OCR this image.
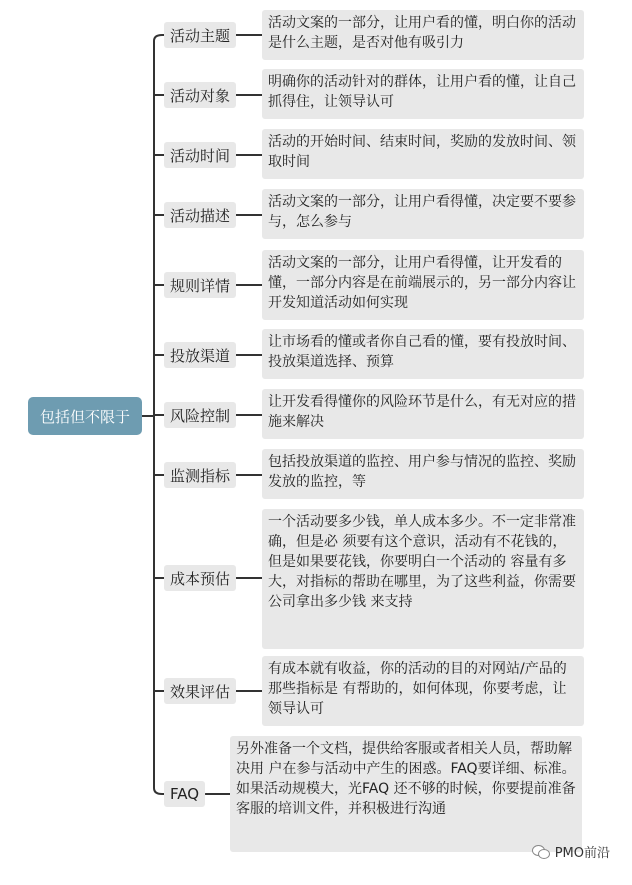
包括但不限于
活动主题
活动文案的一部分，让用户看的懂，明白你的活动是什么主题，是否对他有吸引力
活动对象
明确你的活动针对的群体，让用户看的懂，让自己抓得住，让领导认可
活动时间
活动的开始时间、结束时间，奖励的发放时间、领取时间
活动描述
活动文案的一部分，让用户看得懂，决定要不要参与，怎么参与
规则详情
活动文案的一部分，让用户看得懂，让开发看的懂，一部分内容是在前端展示的，另一部分内容让开发知道活动如何实现
投放渠道
让市场看的懂或者你自己看的懂，要有投放时间、投放渠道选择、预算
风险控制
让开发看得懂你的风险环节是什么，有无对应的措施来解决
监测指标
包括投放渠道的监控、用户参与情况的监控、奖励发放的监控，等
成本预估
一个活动要多少钱，单人成本多少。不一定非常准确，但是必 须要有这个意识，活动有不花钱的，但是如果要花钱，你要明白一个活动的 容量有多大，对指标的帮助在哪里，为了这些利益，你需要公司拿出多少钱 来支持
效果评估
有成本就有收益，你的活动的目的对网站/产品的那些指标是 有帮助的，如何体现，你要考虑，让领导认可
FAQ
另外准备一个文档，提供给客服或者相关人员，帮助解决用 户在参与活动中产生的困惑。FAQ要详细、标准。如果活动规模大，光FAQ 还不够的时候，你要提前准备客服的培训文件，并积极进行沟通
PMO前沿
